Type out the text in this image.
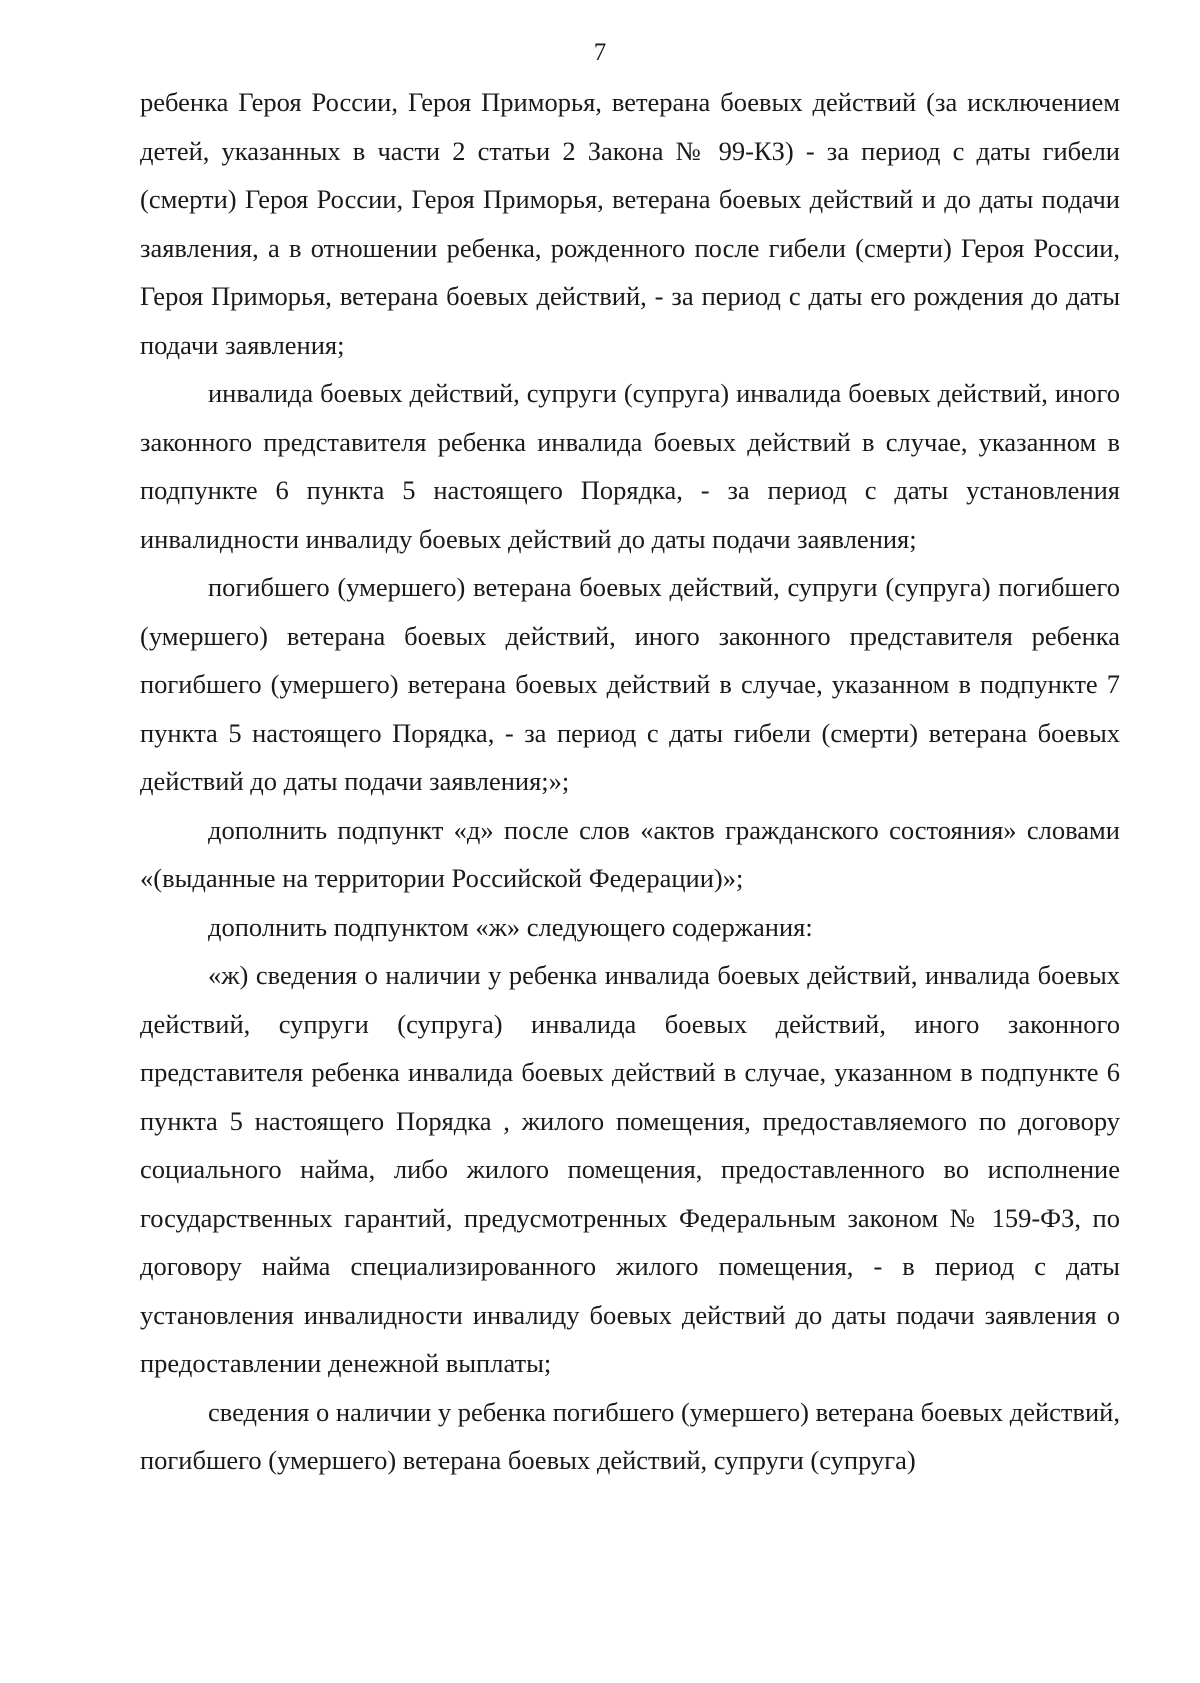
7

ребенка Героя России, Героя Приморья, ветерана боевых действий (за исключением детей, указанных в части 2 статьи 2 Закона № 99-КЗ) - за период с даты гибели (смерти) Героя России, Героя Приморья, ветерана боевых действий и до даты подачи заявления, а в отношении ребенка, рожденного после гибели (смерти) Героя России, Героя Приморья, ветерана боевых действий, - за период с даты его рождения до даты подачи заявления;

инвалида боевых действий, супруги (супруга) инвалида боевых действий, иного законного представителя ребенка инвалида боевых действий в случае, указанном в подпункте 6 пункта 5 настоящего Порядка, - за период с даты установления инвалидности инвалиду боевых действий до даты подачи заявления;

погибшего (умершего) ветерана боевых действий, супруги (супруга) погибшего (умершего) ветерана боевых действий, иного законного представителя ребенка погибшего (умершего) ветерана боевых действий в случае, указанном в подпункте 7 пункта 5 настоящего Порядка, - за период с даты гибели (смерти) ветерана боевых действий до даты подачи заявления;»;

дополнить подпункт «д» после слов «актов гражданского состояния» словами «(выданные на территории Российской Федерации)»;

дополнить подпунктом «ж» следующего содержания:

«ж) сведения о наличии у ребенка инвалида боевых действий, инвалида боевых действий, супруги (супруга) инвалида боевых действий, иного законного представителя ребенка инвалида боевых действий в случае, указанном в подпункте 6 пункта 5 настоящего Порядка , жилого помещения, предоставляемого по договору социального найма, либо жилого помещения, предоставленного во исполнение государственных гарантий, предусмотренных Федеральным законом № 159-ФЗ, по договору найма специализированного жилого помещения, - в период с даты установления инвалидности инвалиду боевых действий до даты подачи заявления о предоставлении денежной выплаты;

сведения о наличии у ребенка погибшего (умершего) ветерана боевых действий, погибшего (умершего) ветерана боевых действий, супруги (супруга)
